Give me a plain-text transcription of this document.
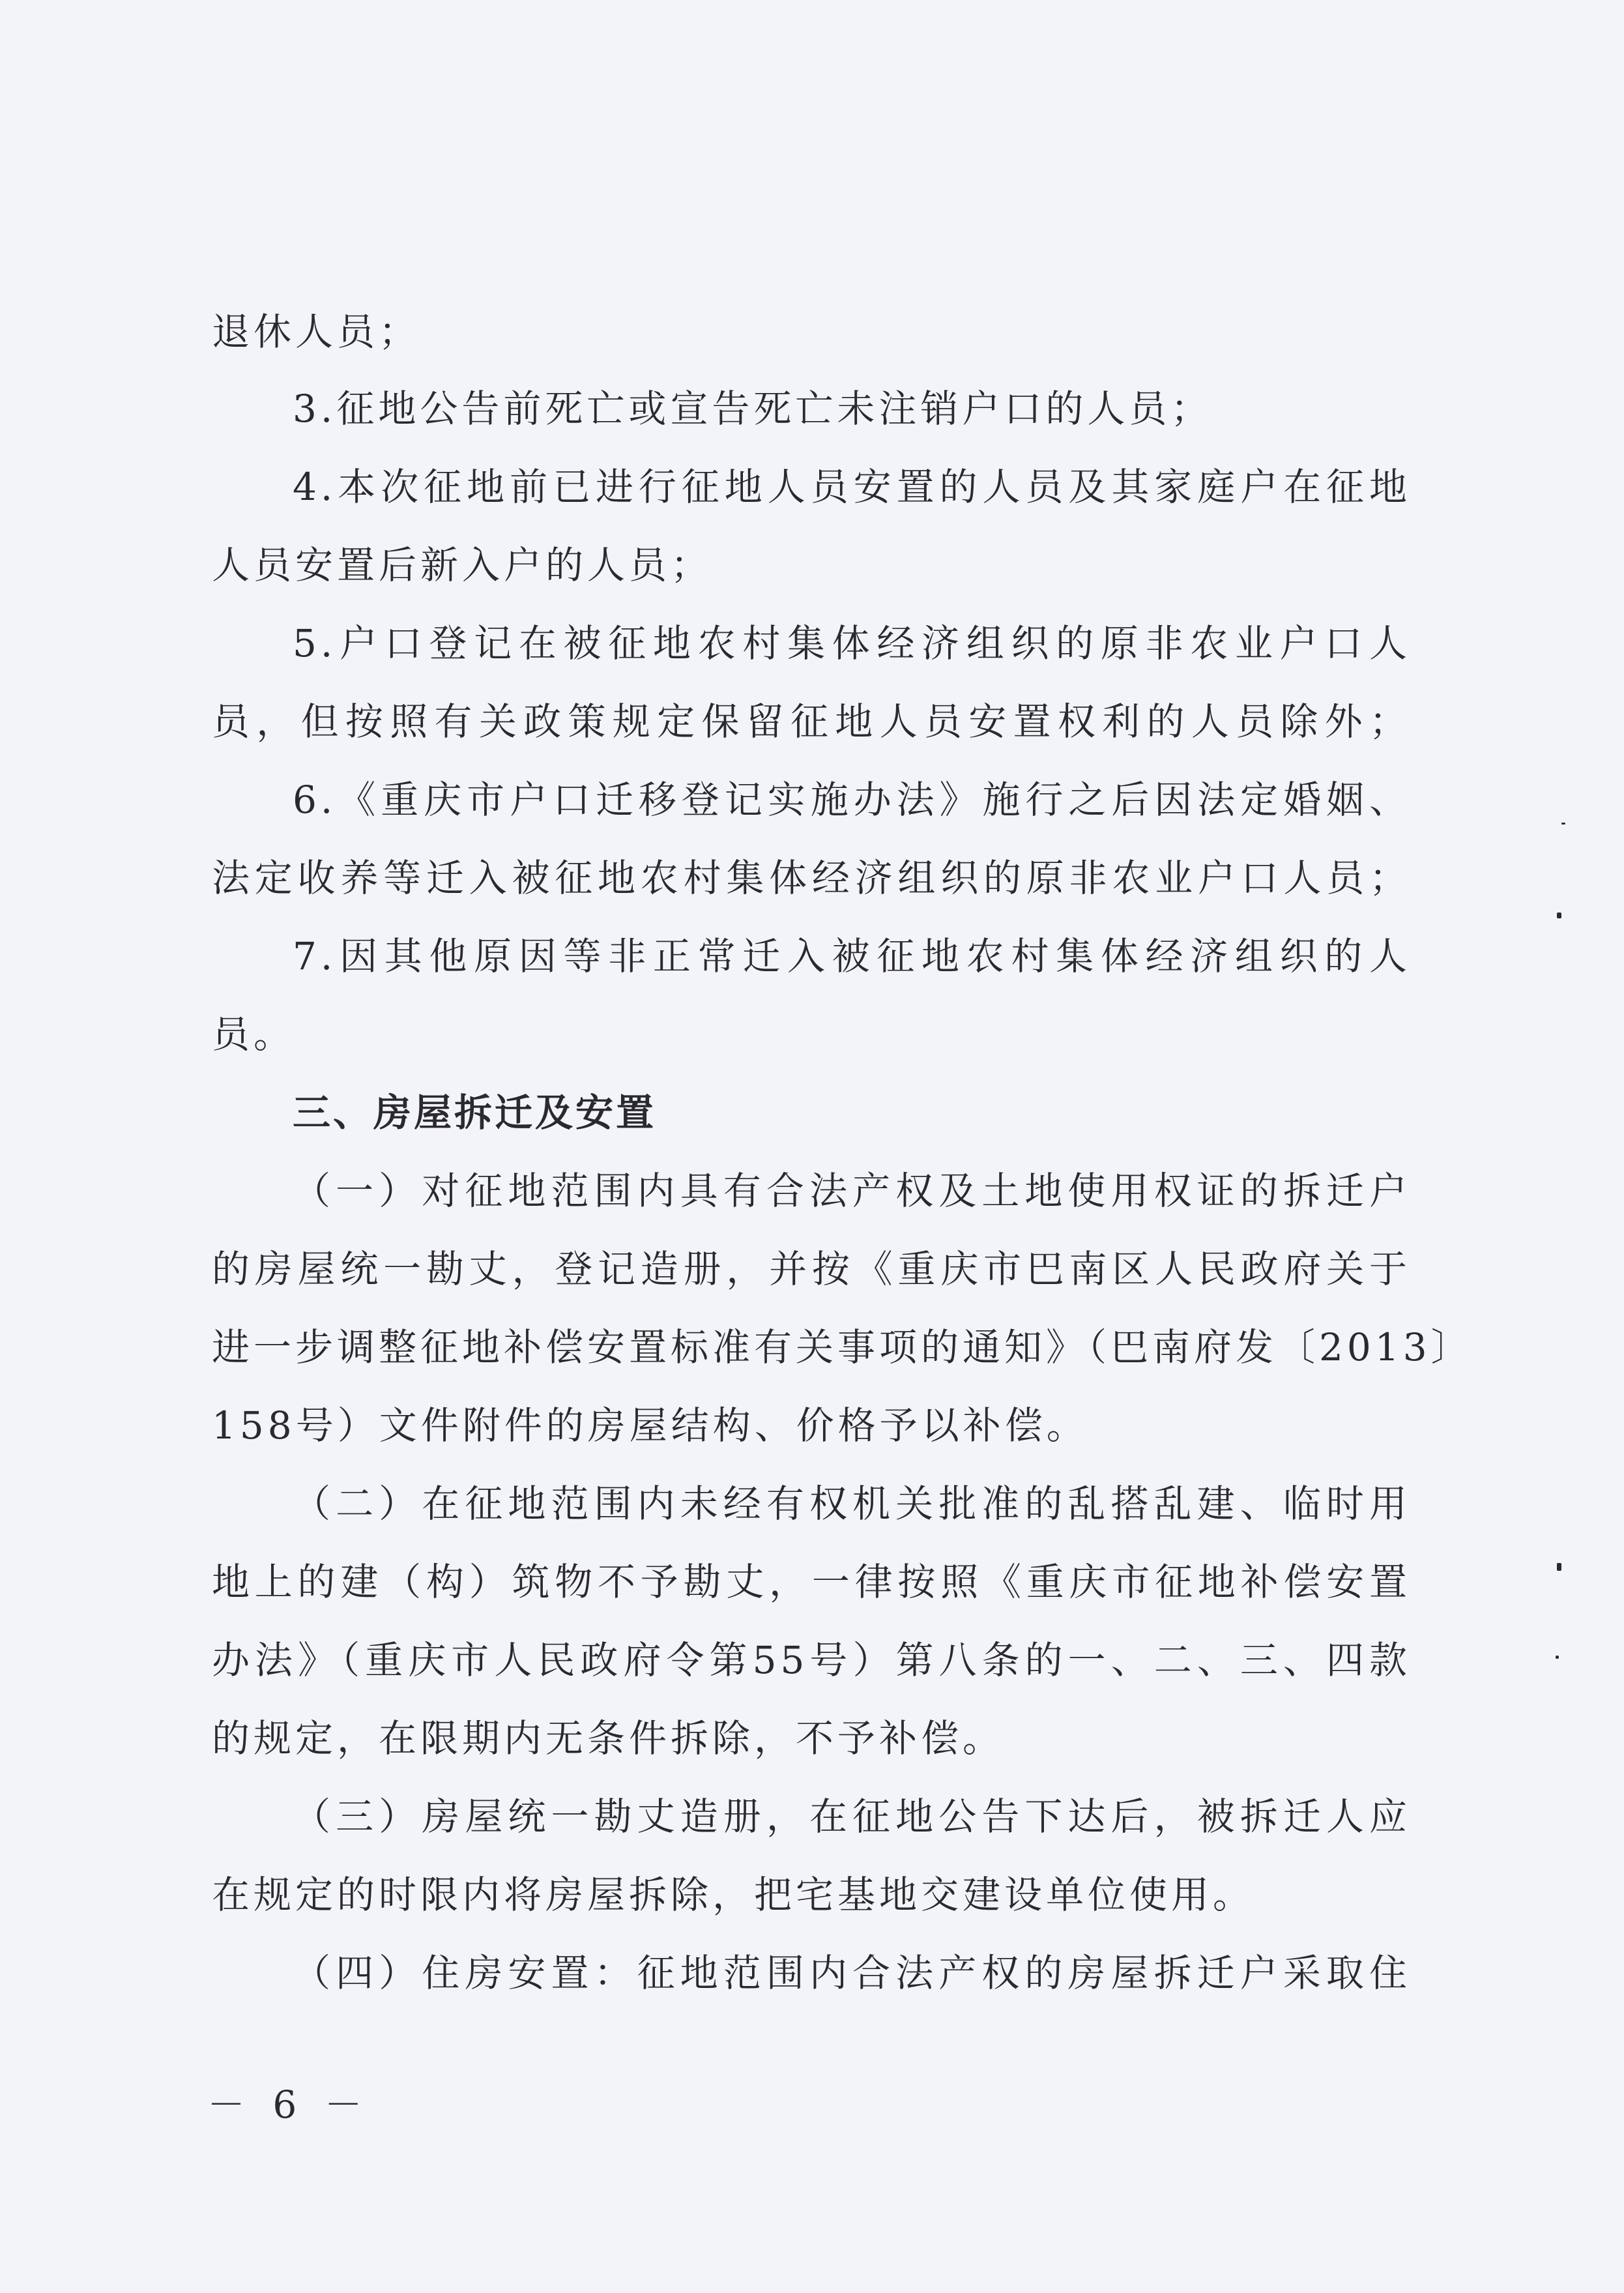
退休人员；
3.征地公告前死亡或宣告死亡未注销户口的人员；
4.本次征地前已进行征地人员安置的人员及其家庭户在征地
人员安置后新入户的人员；
5.户口登记在被征地农村集体经济组织的原非农业户口人
员，但按照有关政策规定保留征地人员安置权利的人员除外；
6.《重庆市户口迁移登记实施办法》施行之后因法定婚姻、
法定收养等迁入被征地农村集体经济组织的原非农业户口人员；
7.因其他原因等非正常迁入被征地农村集体经济组织的人
员。
三、房屋拆迁及安置
（一）对征地范围内具有合法产权及土地使用权证的拆迁户
的房屋统一勘丈，登记造册，并按《重庆市巴南区人民政府关于
进一步调整征地补偿安置标准有关事项的通知》（巴南府发〔2013〕
158号）文件附件的房屋结构、价格予以补偿。
（二）在征地范围内未经有权机关批准的乱搭乱建、临时用
地上的建（构）筑物不予勘丈，一律按照《重庆市征地补偿安置
办法》（重庆市人民政府令第55号）第八条的一、二、三、四款
的规定，在限期内无条件拆除，不予补偿。
（三）房屋统一勘丈造册，在征地公告下达后，被拆迁人应
在规定的时限内将房屋拆除，把宅基地交建设单位使用。
（四）住房安置：征地范围内合法产权的房屋拆迁户采取住
－ 6 －
